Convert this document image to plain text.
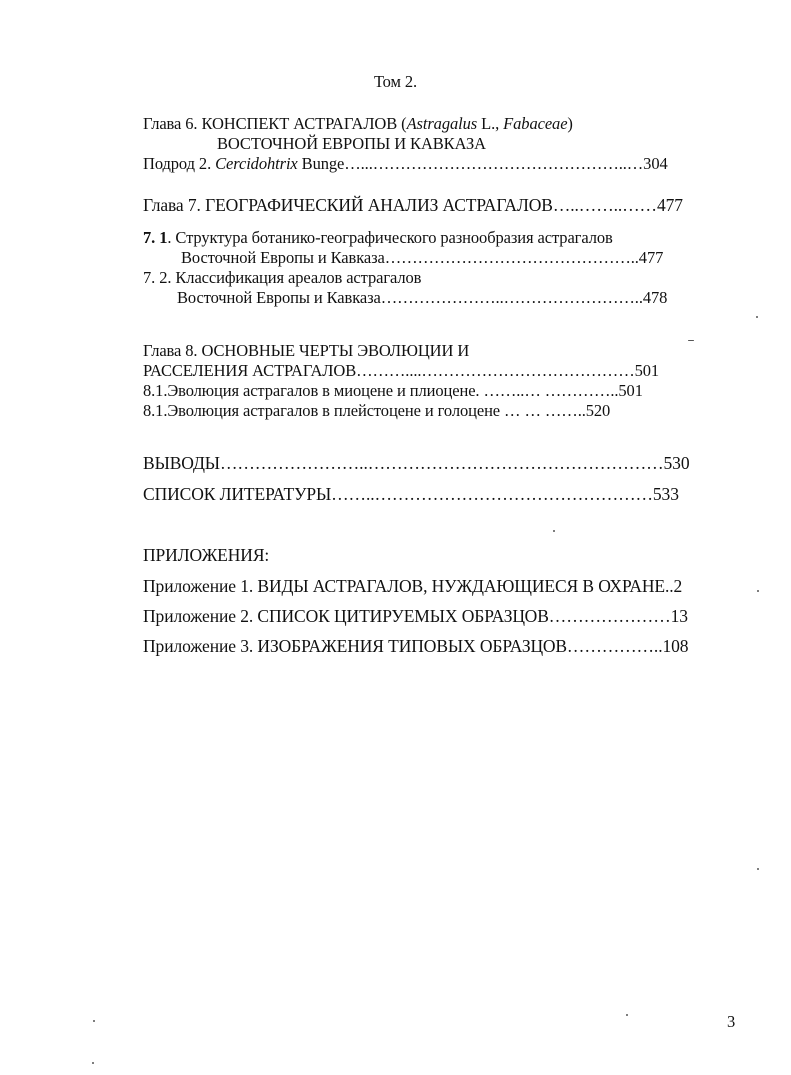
Том 2.
Глава 6. КОНСПЕКТ АСТРАГАЛОВ (Astragalus L., Fabaceae)
ВОСТОЧНОЙ ЕВРОПЫ И КАВКАЗА
Подрод 2. Cercidohtrix Bunge…...………………………………………..…304
Глава 7. ГЕОГРАФИЧЕСКИЙ АНАЛИЗ АСТРАГАЛОВ…..……..……477
7. 1. Структура ботанико-географического разнообразия астрагалов
Восточной Европы и Кавказа………………………………………..477
7. 2. Классификация ареалов астрагалов
Восточной Европы и Кавказа…………………..……………………..478
Глава 8. ОСНОВНЫЕ ЧЕРТЫ ЭВОЛЮЦИИ И
РАССЕЛЕНИЯ АСТРАГАЛОВ………....…………………………………501
8.1.Эволюция астрагалов в миоцене и плиоцене. ……..… …………..501
8.1.Эволюция астрагалов в плейстоцене и голоцене … … ……..520
ВЫВОДЫ……………………..……………………………………………530
СПИСОК ЛИТЕРАТУРЫ……..…………………………………………533
ПРИЛОЖЕНИЯ:
Приложение 1. ВИДЫ АСТРАГАЛОВ, НУЖДАЮЩИЕСЯ В ОХРАНЕ..2
Приложение 2. СПИСОК ЦИТИРУЕМЫХ ОБРАЗЦОВ…………………13
Приложение 3. ИЗОБРАЖЕНИЯ ТИПОВЫХ ОБРАЗЦОВ……………..108
3
